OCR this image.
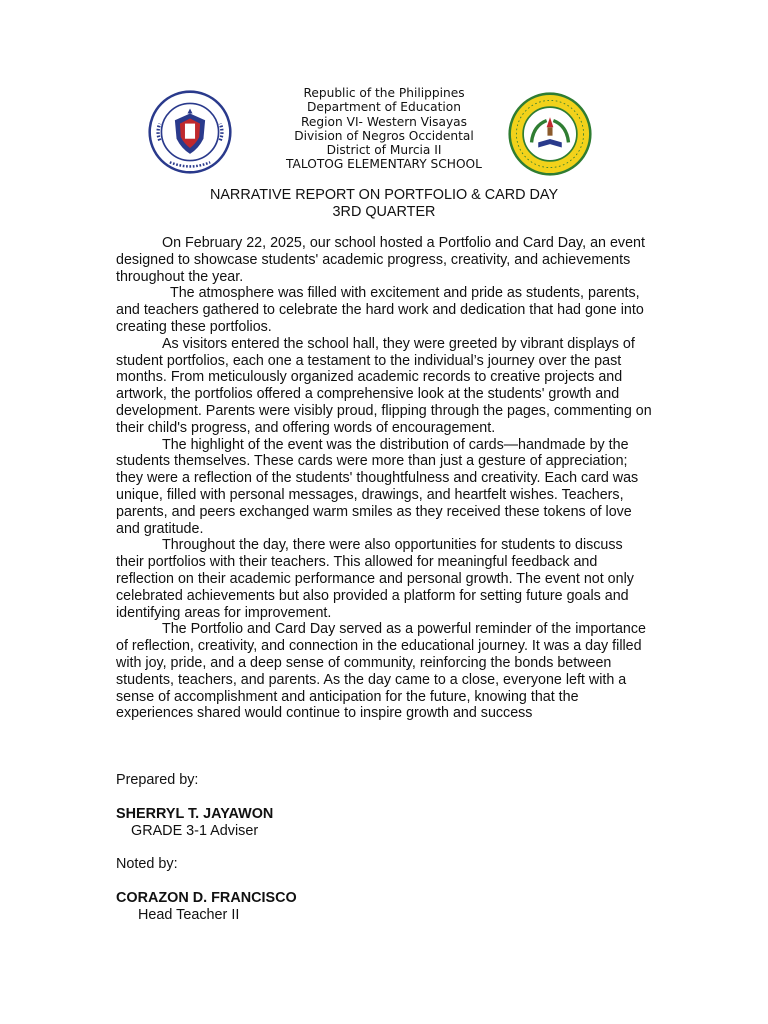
Republic of the Philippines
Department of Education
Region VI- Western Visayas
Division of Negros Occidental
District of Murcia II
TALOTOG ELEMENTARY SCHOOL
NARRATIVE REPORT ON PORTFOLIO & CARD DAY
3RD QUARTER

On February 22, 2025, our school hosted a Portfolio and Card Day, an event designed to showcase students' academic progress, creativity, and achievements throughout the year.

The atmosphere was filled with excitement and pride as students, parents, and teachers gathered to celebrate the hard work and dedication that had gone into creating these portfolios.

As visitors entered the school hall, they were greeted by vibrant displays of student portfolios, each one a testament to the individual’s journey over the past months. From meticulously organized academic records to creative projects and artwork, the portfolios offered a comprehensive look at the students' growth and development. Parents were visibly proud, flipping through the pages, commenting on their child's progress, and offering words of encouragement.

The highlight of the event was the distribution of cards—handmade by the students themselves. These cards were more than just a gesture of appreciation; they were a reflection of the students' thoughtfulness and creativity. Each card was unique, filled with personal messages, drawings, and heartfelt wishes. Teachers, parents, and peers exchanged warm smiles as they received these tokens of love and gratitude.

Throughout the day, there were also opportunities for students to discuss their portfolios with their teachers. This allowed for meaningful feedback and reflection on their academic performance and personal growth. The event not only celebrated achievements but also provided a platform for setting future goals and identifying areas for improvement.

The Portfolio and Card Day served as a powerful reminder of the importance of reflection, creativity, and connection in the educational journey. It was a day filled with joy, pride, and a deep sense of community, reinforcing the bonds between students, teachers, and parents. As the day came to a close, everyone left with a sense of accomplishment and anticipation for the future, knowing that the experiences shared would continue to inspire growth and success

Prepared by:
SHERRYL T. JAYAWON
GRADE 3-1 Adviser
Noted by:
CORAZON D. FRANCISCO
Head Teacher II
